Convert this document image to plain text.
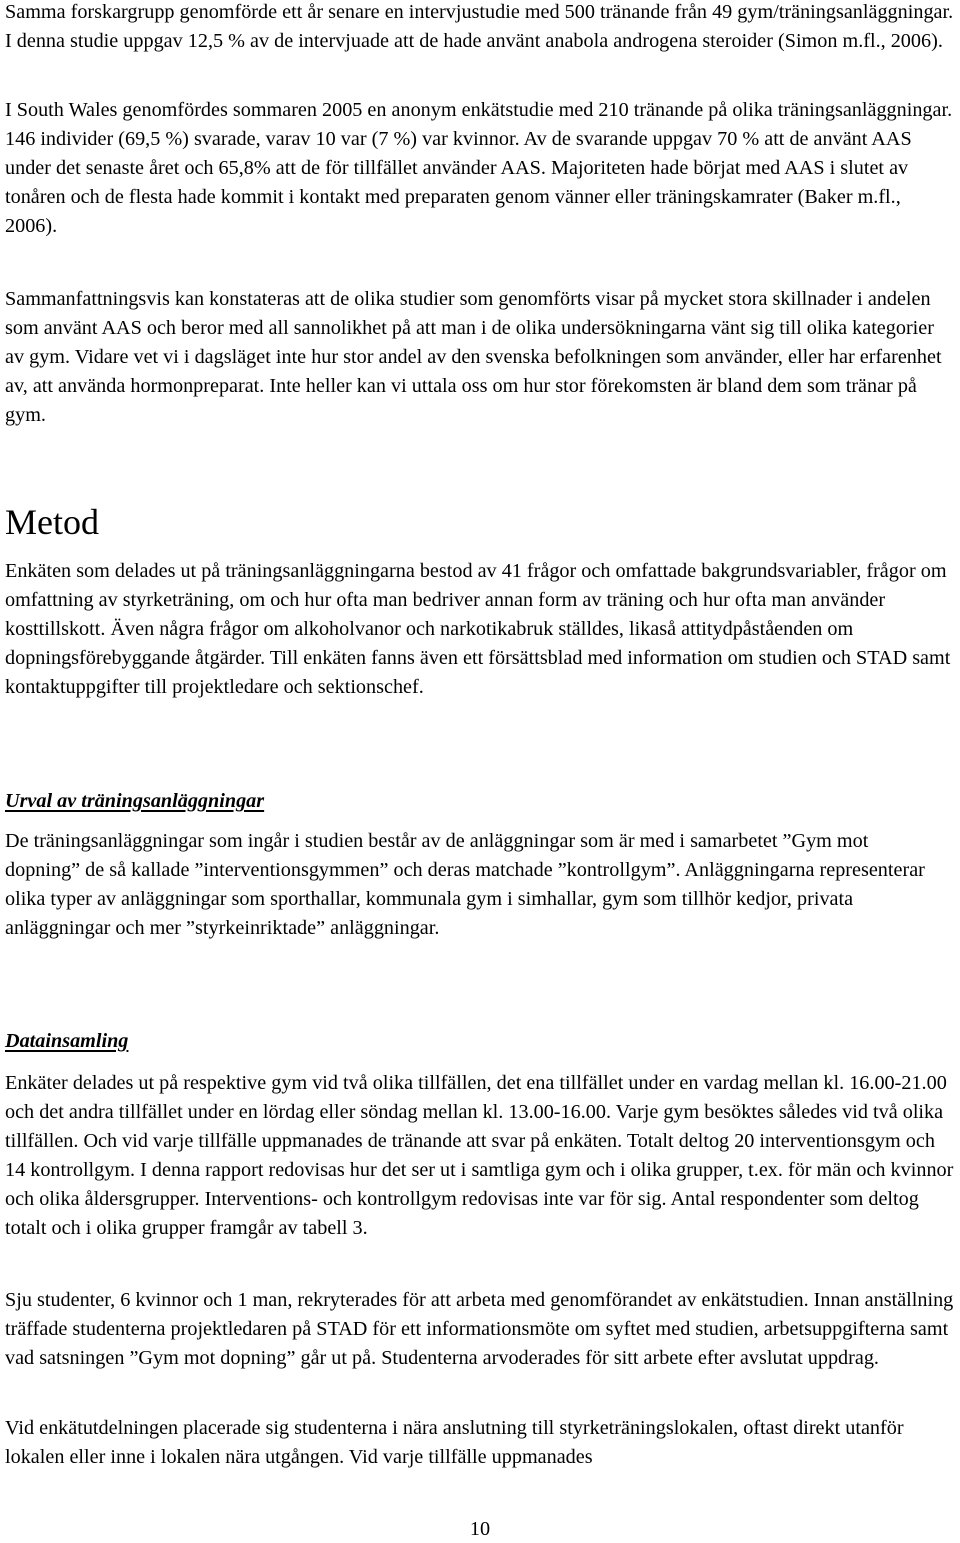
Samma forskargrupp genomförde ett år senare en intervjustudie med 500 tränande från 49 gym/träningsanläggningar. I denna studie uppgav 12,5 % av de intervjuade att de hade använt anabola androgena steroider (Simon m.fl., 2006).

I South Wales genomfördes sommaren 2005 en anonym enkätstudie med 210 tränande på olika träningsanläggningar. 146 individer (69,5 %) svarade, varav 10 var (7 %) var kvinnor. Av de svarande uppgav 70 % att de använt AAS under det senaste året och 65,8% att de för tillfället använder AAS. Majoriteten hade börjat med AAS i slutet av tonåren och de flesta hade kommit i kontakt med preparaten genom vänner eller träningskamrater (Baker m.fl., 2006).

Sammanfattningsvis kan konstateras att de olika studier som genomförts visar på mycket stora skillnader i andelen som använt AAS och beror med all sannolikhet på att man i de olika undersökningarna vänt sig till olika kategorier av gym. Vidare vet vi i dagsläget inte hur stor andel av den svenska befolkningen som använder, eller har erfarenhet av, att använda hormonpreparat. Inte heller kan vi uttala oss om hur stor förekomsten är bland dem som tränar på gym.

Metod

Enkäten som delades ut på träningsanläggningarna bestod av 41 frågor och omfattade bakgrundsvariabler, frågor om omfattning av styrketräning, om och hur ofta man bedriver annan form av träning och hur ofta man använder kosttillskott. Även några frågor om alkoholvanor och narkotikabruk ställdes, likaså attitydpåståenden om dopningsförebyggande åtgärder. Till enkäten fanns även ett försättsblad med information om studien och STAD samt kontaktuppgifter till projektledare och sektionschef.

Urval av träningsanläggningar

De träningsanläggningar som ingår i studien består av de anläggningar som är med i samarbetet ”Gym mot dopning” de så kallade ”interventionsgymmen” och deras matchade ”kontrollgym”. Anläggningarna representerar olika typer av anläggningar som sporthallar, kommunala gym i simhallar, gym som tillhör kedjor, privata anläggningar och mer ”styrkeinriktade” anläggningar.

Datainsamling

Enkäter delades ut på respektive gym vid två olika tillfällen, det ena tillfället under en vardag mellan kl. 16.00-21.00 och det andra tillfället under en lördag eller söndag mellan kl. 13.00-16.00. Varje gym besöktes således vid två olika tillfällen. Och vid varje tillfälle uppmanades de tränande att svar på enkäten. Totalt deltog 20 interventionsgym och 14 kontrollgym. I denna rapport redovisas hur det ser ut i samtliga gym och i olika grupper, t.ex. för män och kvinnor och olika åldersgrupper. Interventions- och kontrollgym redovisas inte var för sig. Antal respondenter som deltog totalt och i olika grupper framgår av tabell 3.

Sju studenter, 6 kvinnor och 1 man, rekryterades för att arbeta med genomförandet av enkätstudien. Innan anställning träffade studenterna projektledaren på STAD för ett informationsmöte om syftet med studien, arbetsuppgifterna samt vad satsningen ”Gym mot dopning” går ut på. Studenterna arvoderades för sitt arbete efter avslutat uppdrag.

Vid enkätutdelningen placerade sig studenterna i nära anslutning till styrketräningslokalen, oftast direkt utanför lokalen eller inne i lokalen nära utgången. Vid varje tillfälle uppmanades

10
